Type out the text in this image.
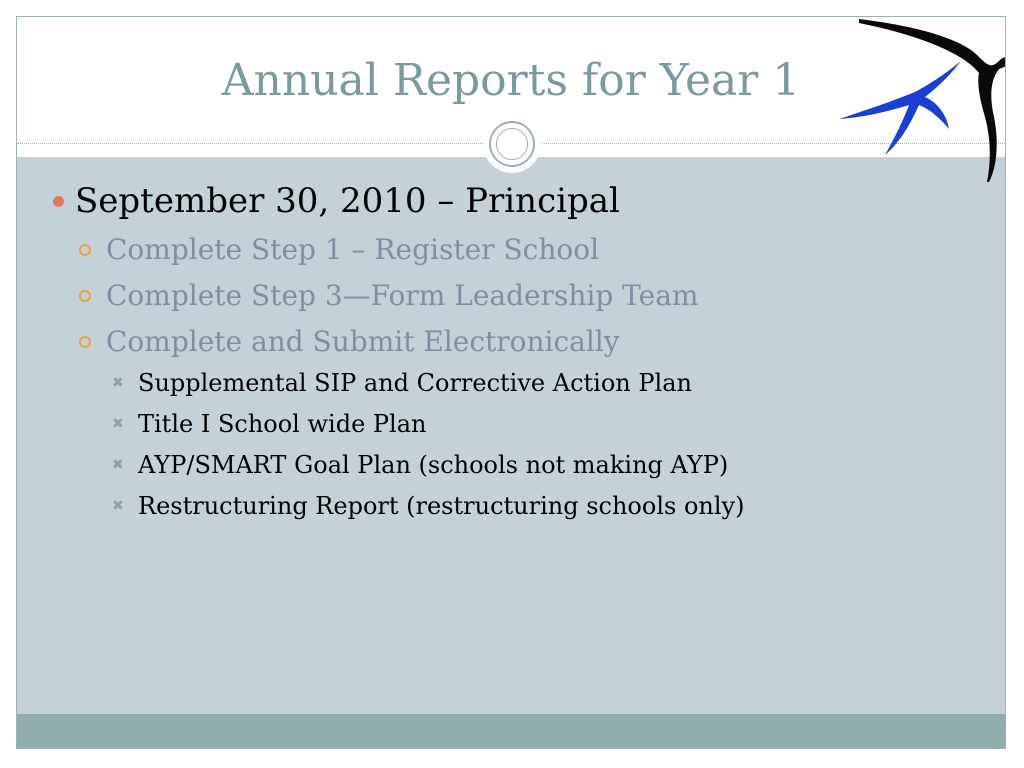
Annual Reports for Year 1
September 30, 2010 – Principal
Complete Step 1 – Register School
Complete Step 3—Form Leadership Team
Complete and Submit Electronically
✖ Supplemental SIP and Corrective Action Plan
✖ Title I School wide Plan
✖ AYP/SMART Goal Plan (schools not making AYP)
✖ Restructuring Report (restructuring schools only)
